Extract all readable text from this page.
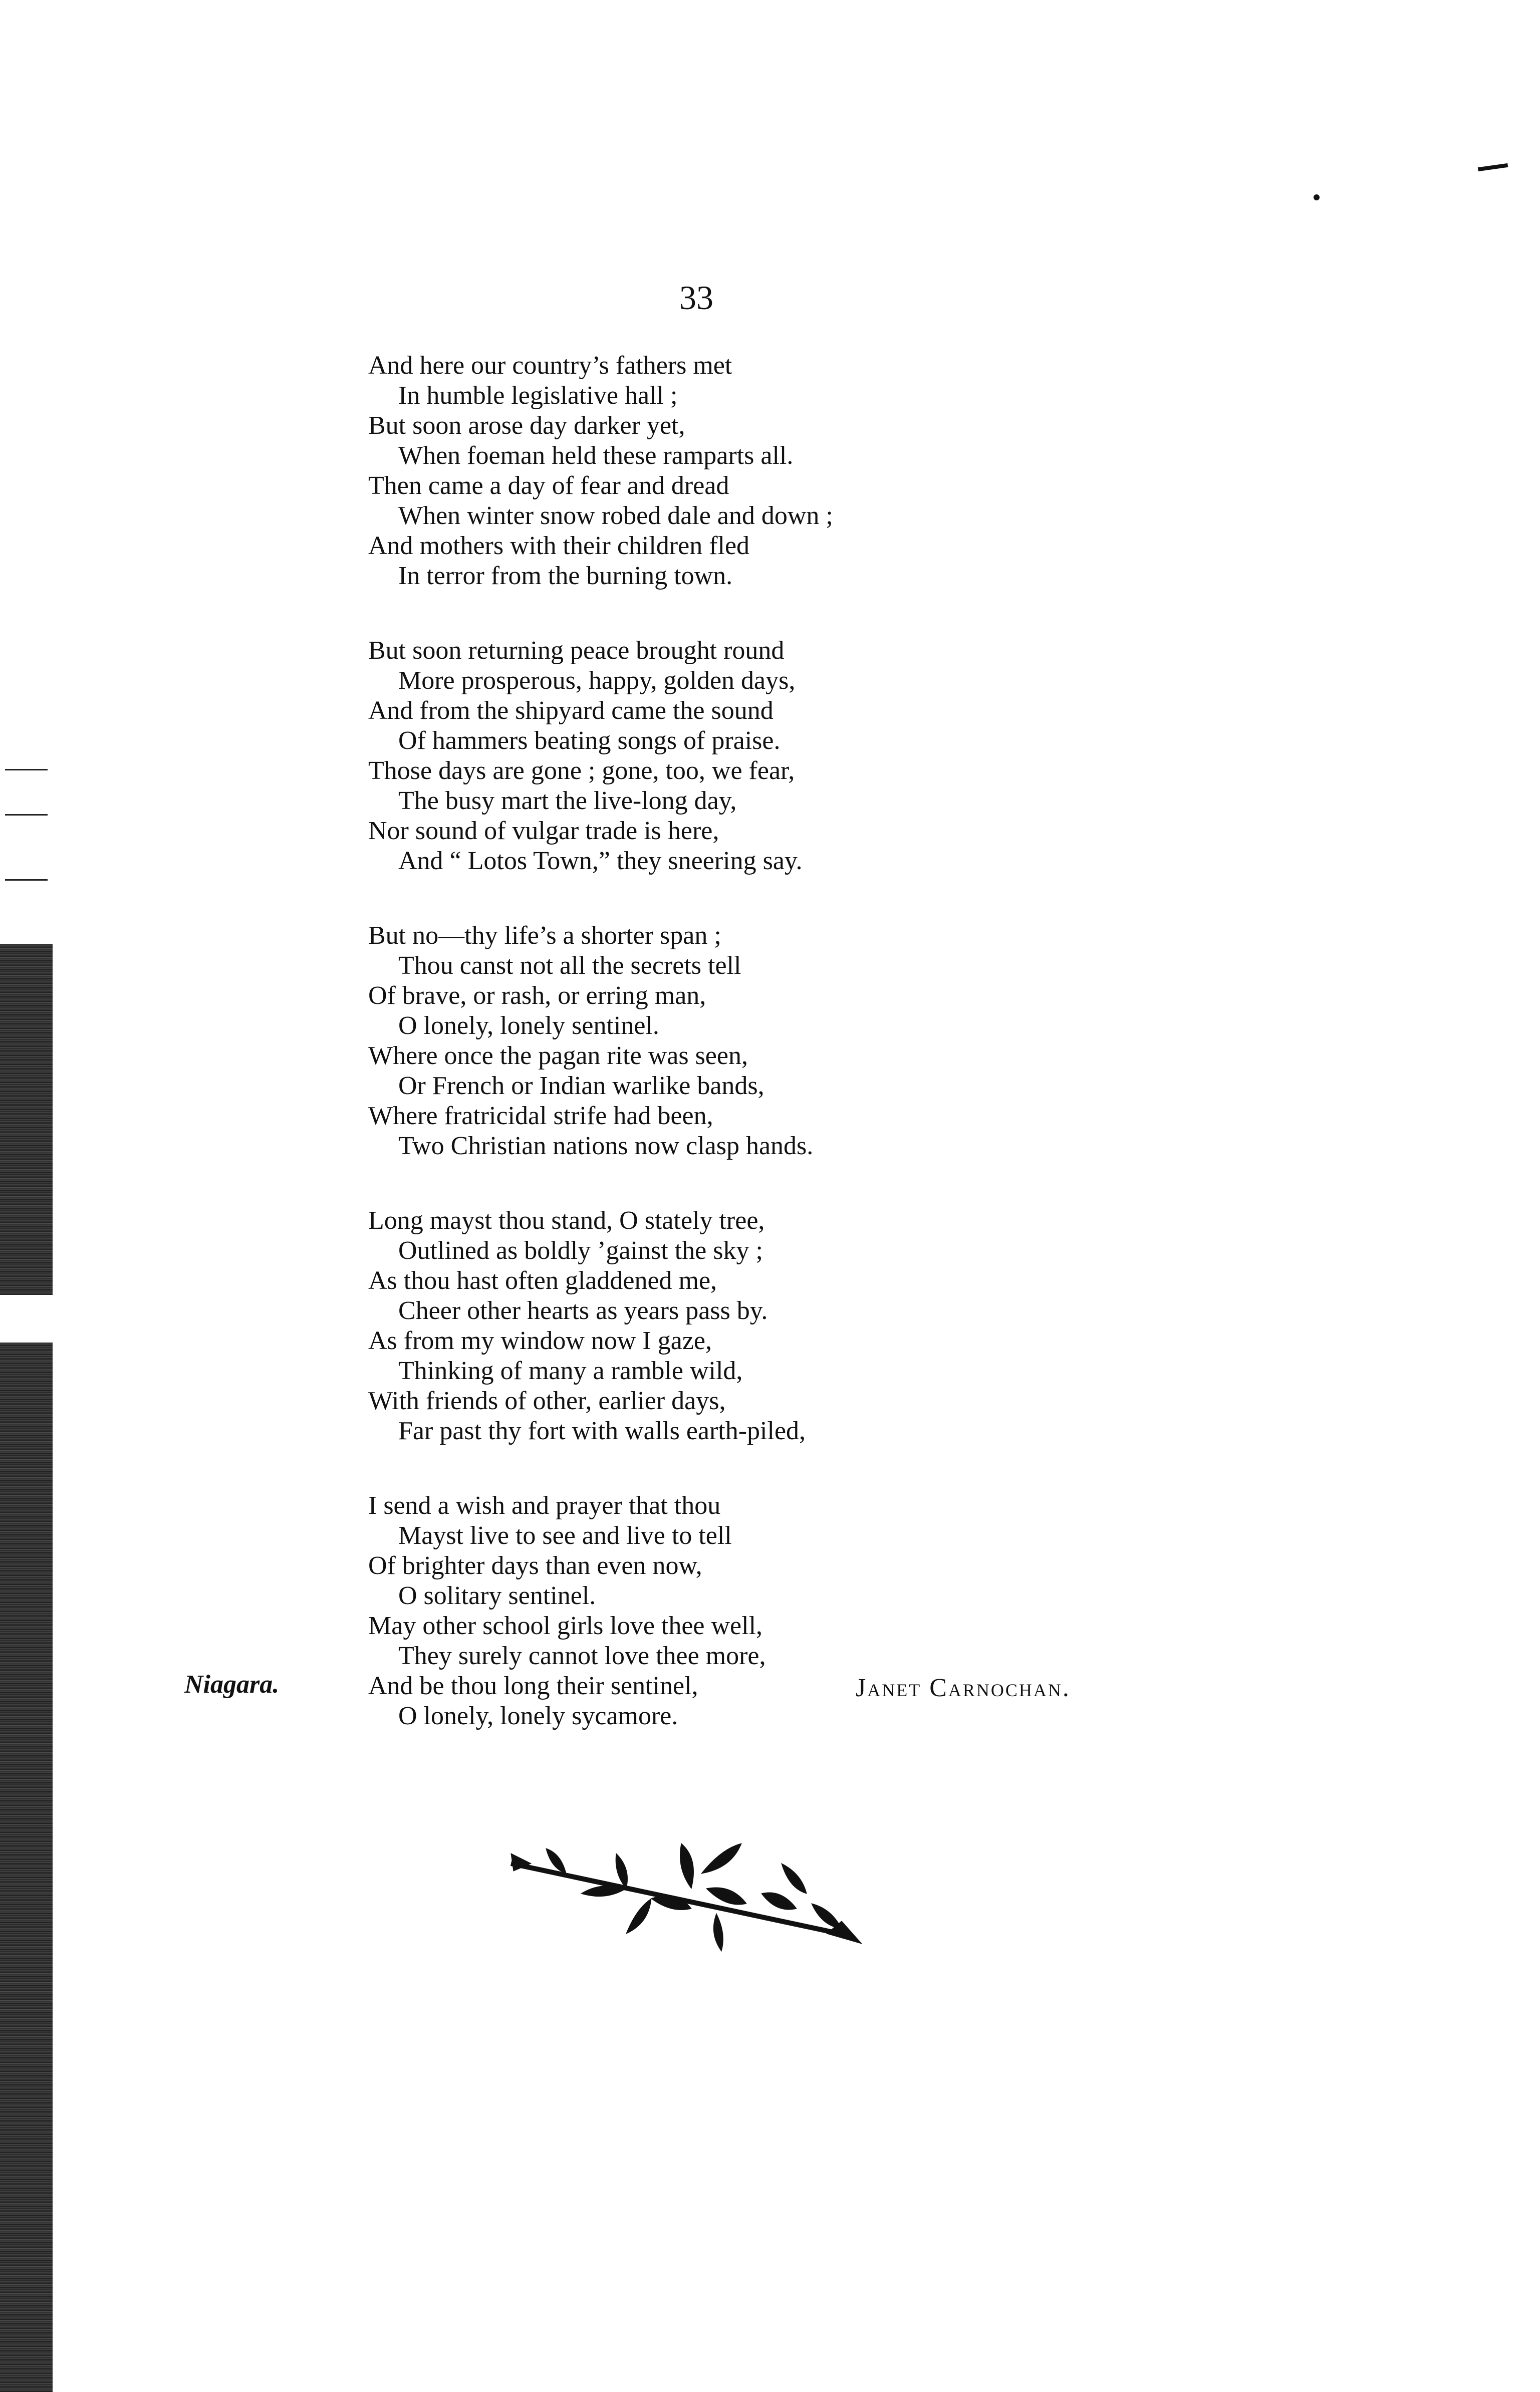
33
And here our country’s fathers met
In humble legislative hall ;
But soon arose day darker yet,
When foeman held these ramparts all.
Then came a day of fear and dread
When winter snow robed dale and down ;
And mothers with their children fled
In terror from the burning town.
But soon returning peace brought round
More prosperous, happy, golden days,
And from the shipyard came the sound
Of hammers beating songs of praise.
Those days are gone ; gone, too, we fear,
The busy mart the live-long day,
Nor sound of vulgar trade is here,
And “ Lotos Town,” they sneering say.
But no—thy life’s a shorter span ;
Thou canst not all the secrets tell
Of brave, or rash, or erring man,
O lonely, lonely sentinel.
Where once the pagan rite was seen,
Or French or Indian warlike bands,
Where fratricidal strife had been,
Two Christian nations now clasp hands.
Long mayst thou stand, O stately tree,
Outlined as boldly ’gainst the sky ;
As thou hast often gladdened me,
Cheer other hearts as years pass by.
As from my window now I gaze,
Thinking of many a ramble wild,
With friends of other, earlier days,
Far past thy fort with walls earth-piled,
I send a wish and prayer that thou
Mayst live to see and live to tell
Of brighter days than even now,
O solitary sentinel.
May other school girls love thee well,
They surely cannot love thee more,
And be thou long their sentinel,
O lonely, lonely sycamore.
Niagara.	Janet Carnochan.
